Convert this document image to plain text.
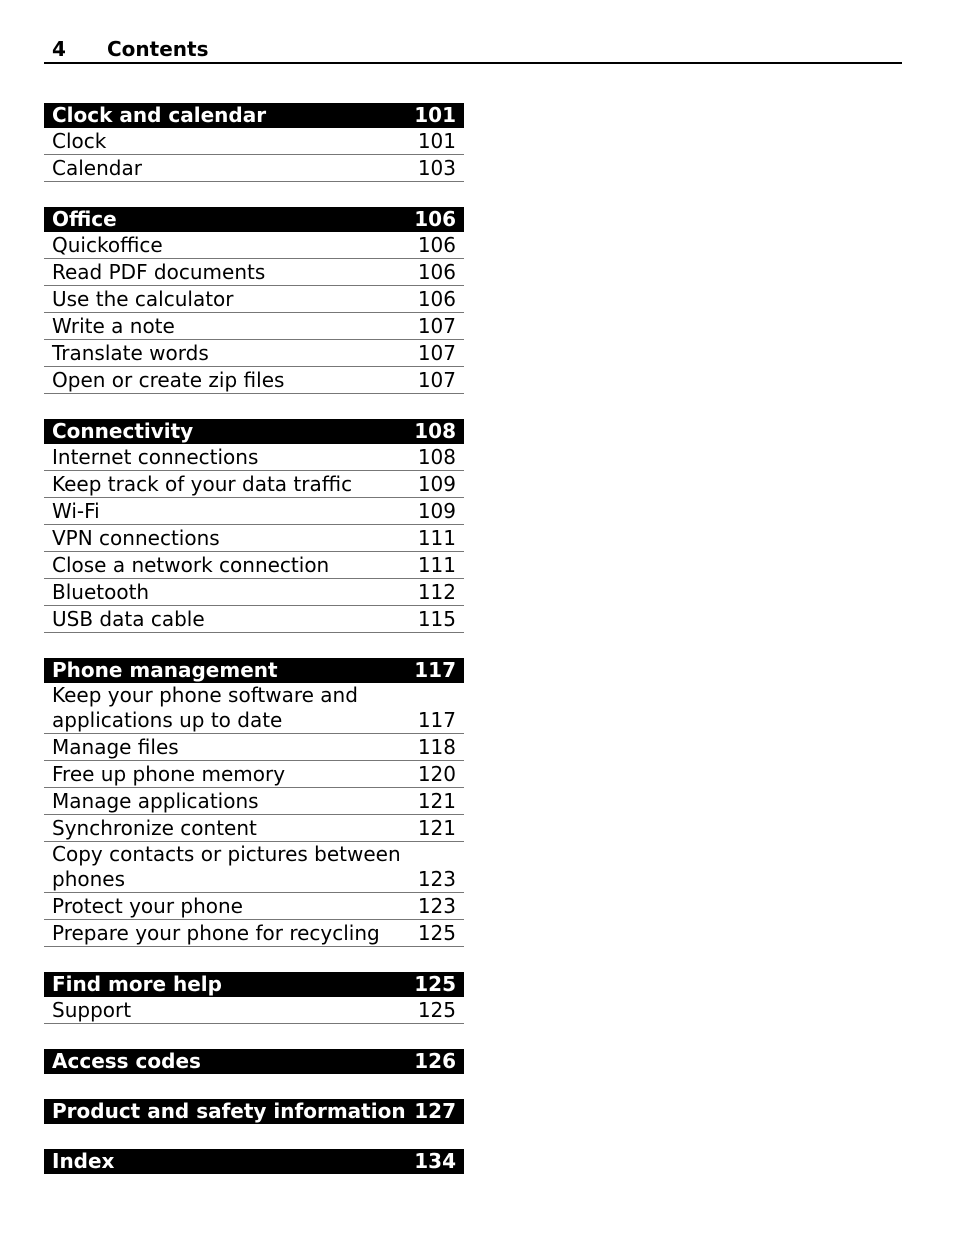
4 Contents
Clock and calendar	101
Clock	101
Calendar	103
Office	106
Quickoffice	106
Read PDF documents	106
Use the calculator	106
Write a note	107
Translate words	107
Open or create zip files	107
Connectivity	108
Internet connections	108
Keep track of your data traffic	109
Wi-Fi	109
VPN connections	111
Close a network connection	111
Bluetooth	112
USB data cable	115
Phone management	117
Keep your phone software and applications up to date	117
Manage files	118
Free up phone memory	120
Manage applications	121
Synchronize content	121
Copy contacts or pictures between phones	123
Protect your phone	123
Prepare your phone for recycling	125
Find more help	125
Support	125
Access codes	126
Product and safety information 127
Index	134
